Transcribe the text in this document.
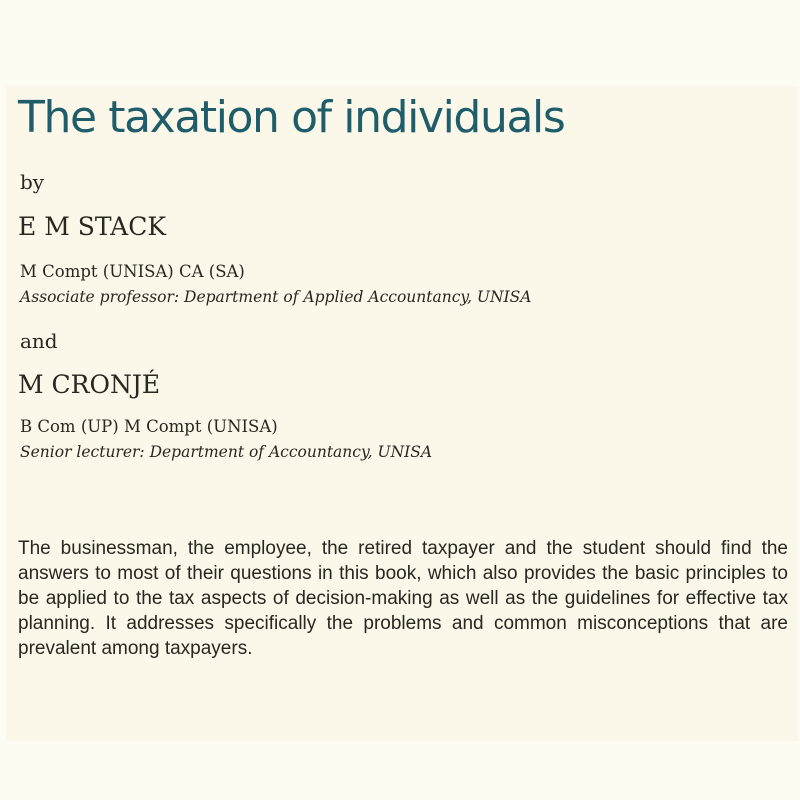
The taxation of individuals
by
E M STACK
M Compt (UNISA) CA (SA)
Associate professor: Department of Applied Accountancy, UNISA
and
M CRONJÉ
B Com (UP) M Compt (UNISA)
Senior lecturer: Department of Accountancy, UNISA

The businessman, the employee, the retired taxpayer and the student should find the answers to most of their questions in this book, which also provides the basic principles to be applied to the tax aspects of decision-making as well as the guidelines for effective tax planning. It addresses specifically the problems and common misconceptions that are prevalent among taxpayers.
